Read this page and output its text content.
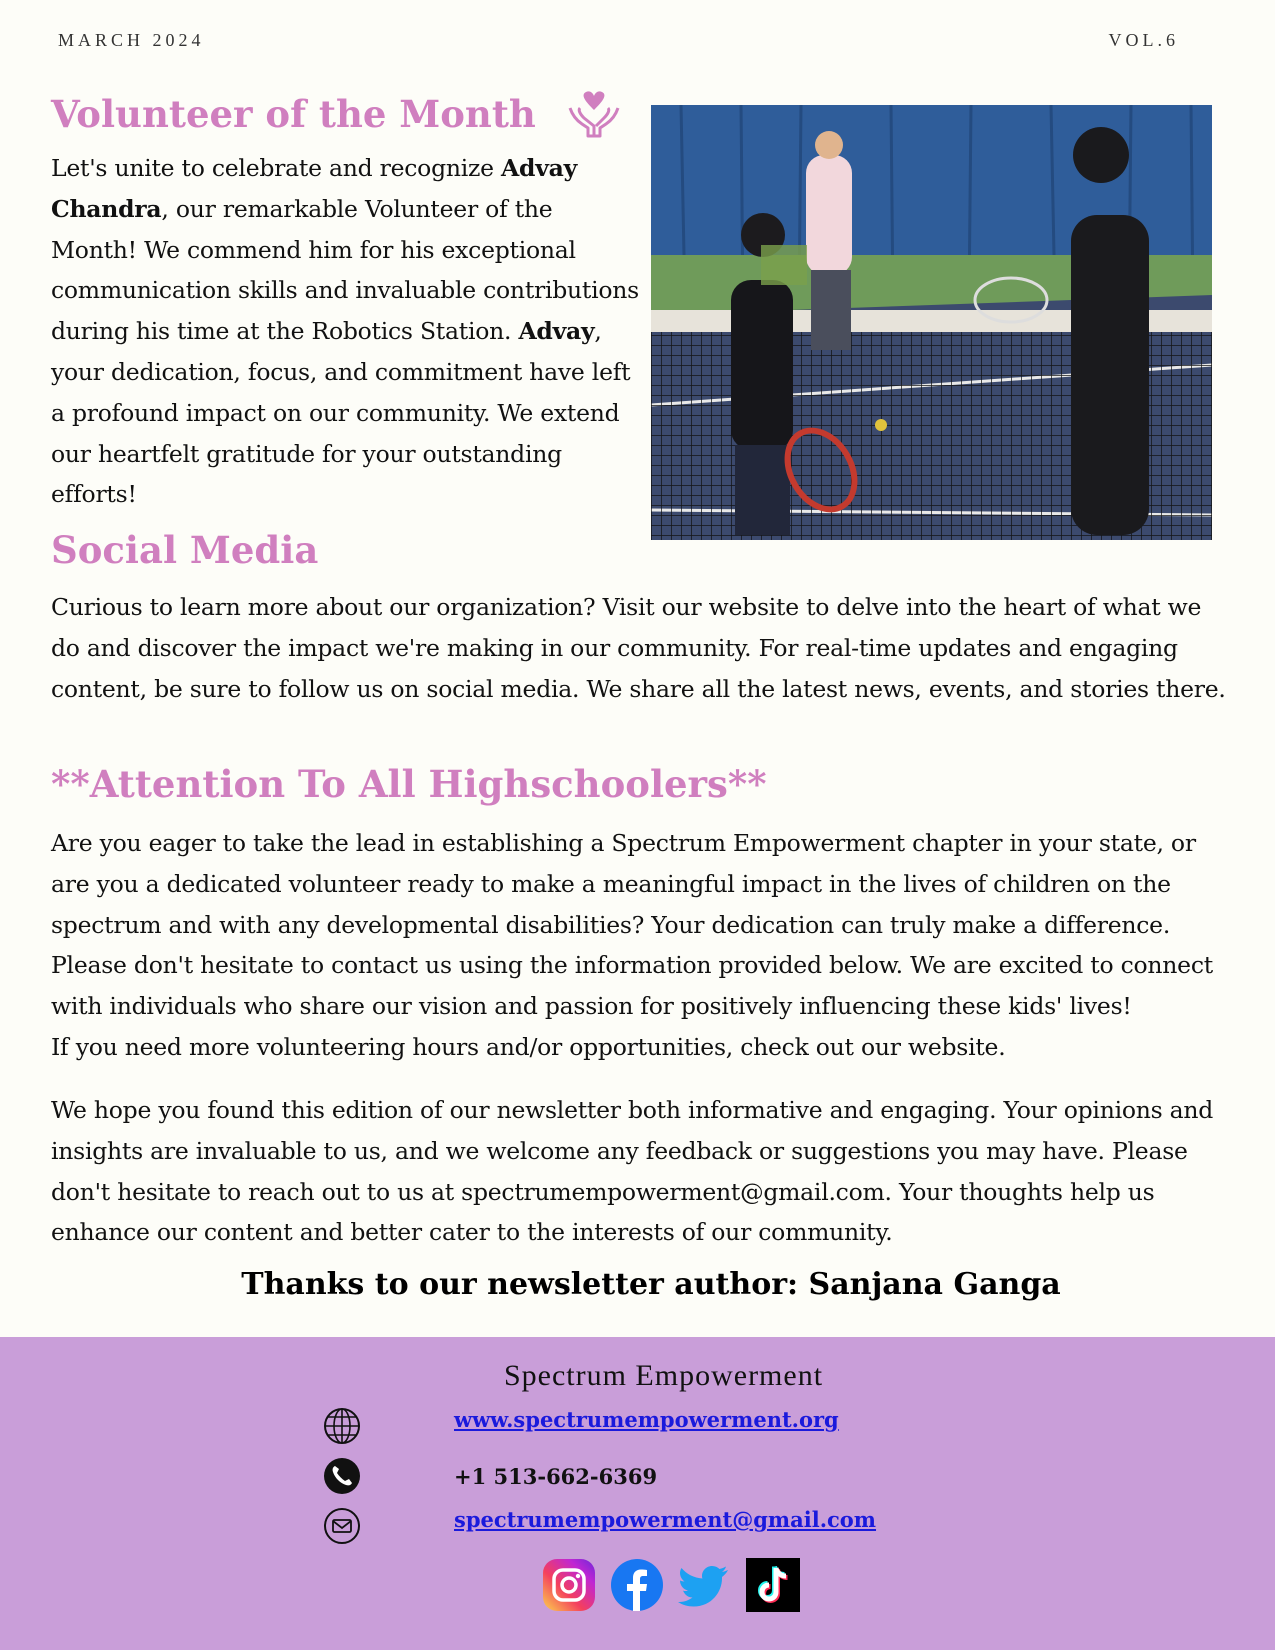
MARCH 2024	VOL.6
Volunteer of the Month

Let's unite to celebrate and recognize Advay Chandra, our remarkable Volunteer of the Month! We commend him for his exceptional communication skills and invaluable contributions during his time at the Robotics Station. Advay, your dedication, focus, and commitment have left a profound impact on our community. We extend our heartfelt gratitude for your outstanding efforts!

Social Media

Curious to learn more about our organization? Visit our website to delve into the heart of what we do and discover the impact we're making in our community. For real-time updates and engaging content, be sure to follow us on social media. We share all the latest news, events, and stories there.

**Attention To All Highschoolers**

Are you eager to take the lead in establishing a Spectrum Empowerment chapter in your state, or are you a dedicated volunteer ready to make a meaningful impact in the lives of children on the spectrum and with any developmental disabilities? Your dedication can truly make a difference. Please don't hesitate to contact us using the information provided below. We are excited to connect with individuals who share our vision and passion for positively influencing these kids' lives!

If you need more volunteering hours and/or opportunities, check out our website.

We hope you found this edition of our newsletter both informative and engaging. Your opinions and insights are invaluable to us, and we welcome any feedback or suggestions you may have. Please don't hesitate to reach out to us at spectrumempowerment@gmail.com. Your thoughts help us enhance our content and better cater to the interests of our community.

Thanks to our newsletter author: Sanjana Ganga
Spectrum Empowerment
www.spectrumempowerment.org
+1 513-662-6369
spectrumempowerment@gmail.com
